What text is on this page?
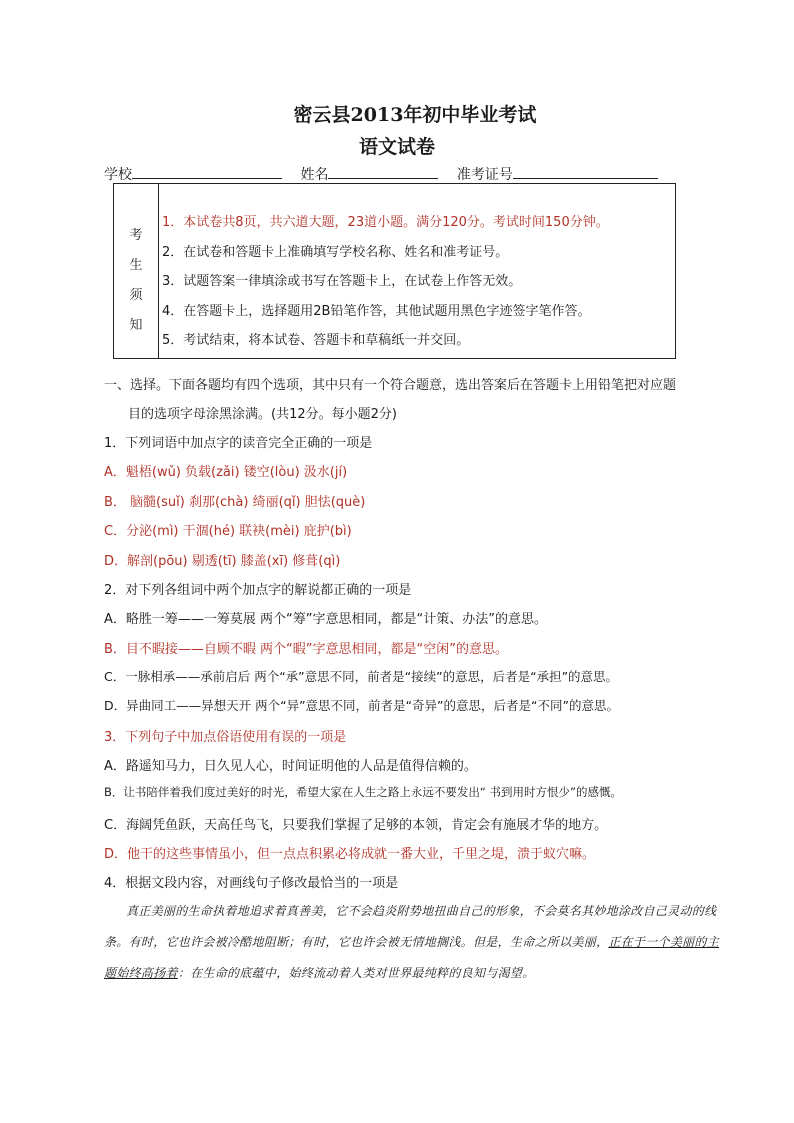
密云县2013年初中毕业考试
语文试卷
学校	姓名	准考证号
考
生
须
知
1．本试卷共8页，共六道大题，23道小题。满分120分。考试时间150分钟。
2．在试卷和答题卡上准确填写学校名称、姓名和准考证号。
3．试题答案一律填涂或书写在答题卡上，在试卷上作答无效。
4．在答题卡上，选择题用2B铅笔作答，其他试题用黑色字迹签字笔作答。
5．考试结束，将本试卷、答题卡和草稿纸一并交回。
一、选择。下面各题均有四个选项，其中只有一个符合题意，选出答案后在答题卡上用铅笔把对应题
目的选项字母涂黑涂满。(共12分。每小题2分)
1．下列词语中加点字的读音完全正确的一项是
A．魁梧(wǔ) 负载(zǎi) 镂空(lòu) 汲水(jí)
B． 脑髓(suǐ) 刹那(chà) 绮丽(qǐ) 胆怯(què)
C．分泌(mì) 干涸(hé) 联袂(mèi) 庇护(bì)
D．解剖(pōu) 剔透(tī) 膝盖(xī) 修葺(qì)
2．对下列各组词中两个加点字的解说都正确的一项是
A．略胜一筹——一筹莫展 两个“筹”字意思相同，都是“计策、办法”的意思。
B．目不暇接——自顾不暇 两个“暇”字意思相同，都是“空闲”的意思。
C．一脉相承——承前启后 两个“承”意思不同，前者是“接续”的意思，后者是“承担”的意思。
D．异曲同工——异想天开 两个“异”意思不同，前者是“奇异”的意思，后者是“不同”的意思。
3．下列句子中加点俗语使用有误的一项是
A．路遥知马力，日久见人心，时间证明他的人品是值得信赖的。
B．让书陪伴着我们度过美好的时光，希望大家在人生之路上永远不要发出“ 书到用时方恨少”的感慨。
C．海阔凭鱼跃，天高任鸟飞，只要我们掌握了足够的本领，肯定会有施展才华的地方。
D．他干的这些事情虽小，但一点点积累必将成就一番大业，千里之堤，溃于蚁穴嘛。
4．根据文段内容，对画线句子修改最恰当的一项是
真正美丽的生命执着地追求着真善美，它不会趋炎附势地扭曲自己的形象，不会莫名其妙地涂改自己灵动的线条。有时，它也许会被冷酷地阻断；有时，它也许会被无情地搁浅。但是，生命之所以美丽，正在于一个美丽的主题始终高扬着：在生命的底蕴中，始终流动着人类对世界最纯粹的良知与渴望。
